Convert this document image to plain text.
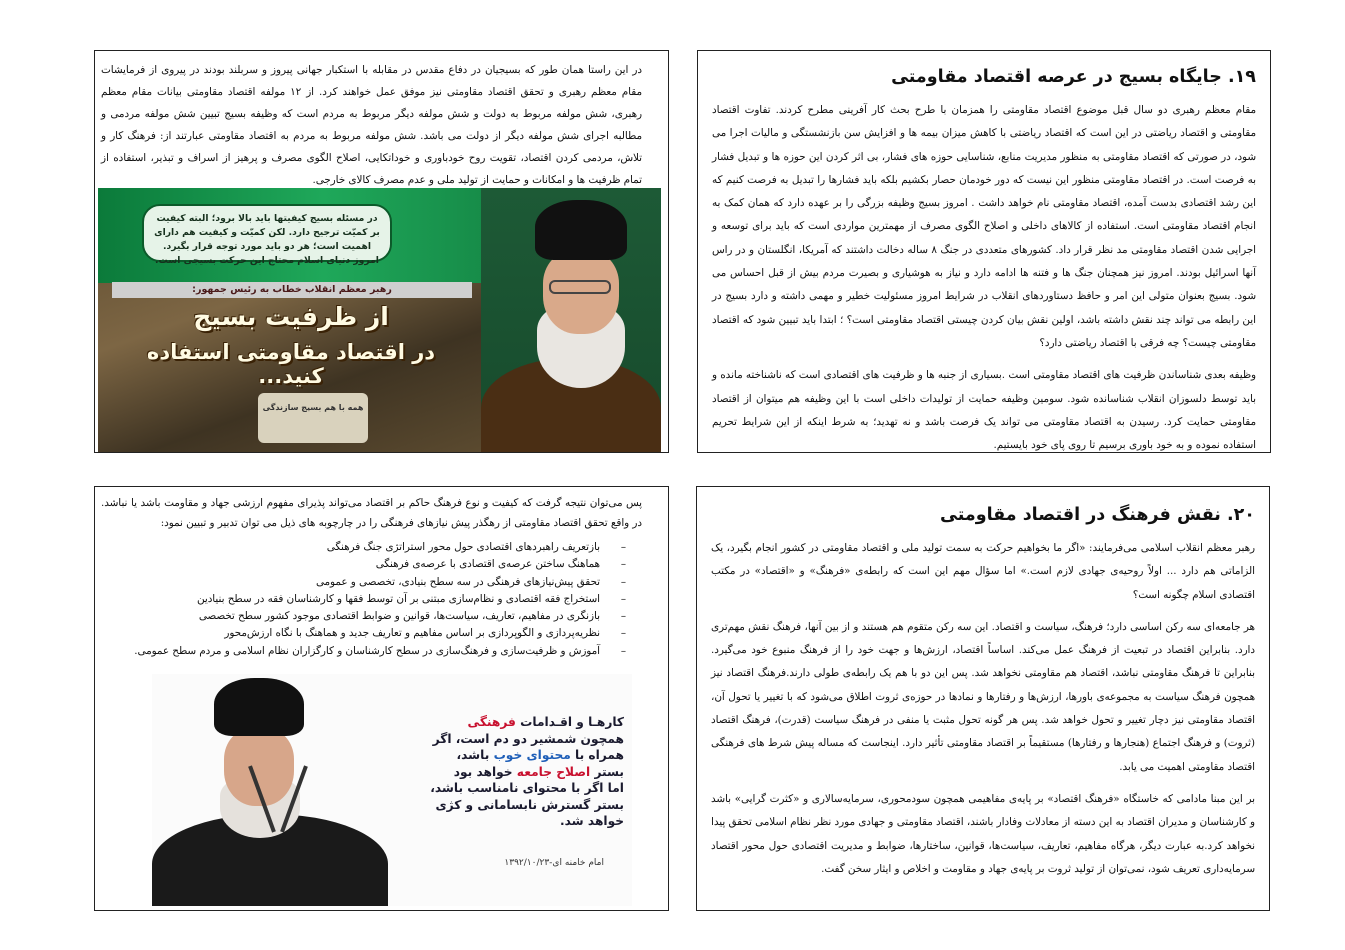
۱۹. جایگاه بسیج در عرصه اقتصاد مقاومتی

مقام معظم رهبری دو سال قبل موضوع اقتصاد مقاومتی را همزمان با طرح بحث کار آفرینی مطرح کردند. تفاوت اقتصاد مقاومتی و اقتصاد ریاضتی در این است که اقتصاد ریاضتی با کاهش میزان بیمه ها و افزایش سن بازنشستگی و مالیات اجرا می شود، در صورتی که اقتصاد مقاومتی به منظور مدیریت منابع، شناسایی حوزه های فشار، بی اثر کردن این حوزه ها و تبدیل فشار به فرصت است. در اقتصاد مقاومتی منظور این نیست که دور خودمان حصار بکشیم بلکه باید فشارها را تبدیل به فرصت کنیم که این رشد اقتصادی بدست آمده، اقتصاد مقاومتی نام خواهد داشت . امروز بسیج وظیفه بزرگی را بر عهده دارد که همان کمک به انجام اقتصاد مقاومتی است. استفاده از کالاهای داخلی و اصلاح الگوی مصرف از مهمترین مواردی است که باید برای توسعه و اجرایی شدن اقتصاد مقاومتی مد نظر قرار داد. کشورهای متعددی در جنگ ۸ ساله دخالت داشتند که آمریکا، انگلستان و در راس آنها اسرائیل بودند. امروز نیز همچنان جنگ ها و فتنه ها ادامه دارد و نیاز به هوشیاری و بصیرت مردم بیش از قبل احساس می شود. بسیج بعنوان متولی این امر و حافظ دستاوردهای انقلاب در شرایط امروز مسئولیت خطیر و مهمی داشته و دارد بسیج در این رابطه می تواند چند نقش داشته باشد، اولین نقش بیان کردن چیستی اقتصاد مقاومتی است؟ ؛ ابتدا باید تبیین شود که اقتصاد مقاومتی چیست؟ چه فرقی با اقتصاد ریاضتی دارد؟

وظیفه بعدی شناساندن ظرفیت های اقتصاد مقاومتی است .بسیاری از جنبه ها و ظرفیت های اقتصادی است که ناشناخته مانده و باید توسط دلسوزان انقلاب شناسانده شود. سومین وظیفه حمایت از تولیدات داخلی است با این وظیفه هم میتوان از اقتصاد مقاومتی حمایت کرد. رسیدن به اقتصاد مقاومتی می تواند یک فرصت باشد و نه تهدید؛ به شرط اینکه از این شرایط تحریم استفاده نموده و به خود باوری برسیم تا روی پای خود بایستیم.

در این راستا همان طور که بسیجیان در دفاع مقدس در مقابله با استکبار جهانی پیروز و سربلند بودند در پیروی از فرمایشات مقام معظم رهبری و تحقق اقتصاد مقاومتی نیز موفق عمل خواهند کرد. از ۱۲ مولفه اقتصاد مقاومتی بیانات مقام معظم رهبری، شش مولفه مربوط به دولت و شش مولفه دیگر مربوط به مردم است که وظیفه بسیج تبیین شش مولفه مردمی و مطالبه اجرای شش مولفه دیگر از دولت می باشد. شش مولفه مربوط به مردم به اقتصاد مقاومتی عبارتند از: فرهنگ کار و تلاش، مردمی کردن اقتصاد، تقویت روح خودباوری و خوداتکایی، اصلاح الگوی مصرف و پرهیز از اسراف و تبذیر، استفاده از تمام ظرفیت ها و امکانات و حمایت از تولید ملی و عدم مصرف کالای خارجی.

در مسئله بسیج کیفیتها باید بالا برود؛ البته کیفیت بر کمیّت ترجیح دارد. لکن کمیّت و کیفیت هم دارای اهمیت است؛ هر دو باید مورد توجه قرار بگیرد. امروز دنیای اسلام محتاج این حرکت بسیجی است.
رهبر معظم انقلاب خطاب به رئیس جمهور:
از ظرفیت بسیج
در اقتصاد مقاومتی استفاده کنید...
همه با هم بسیج سازندگی
۲۰. نقش فرهنگ در اقتصاد مقاومتی

رهبر معظم انقلاب اسلامی می‌فرمایند: «اگر ما بخواهیم حرکت به سمت تولید ملی و اقتصاد مقاومتی در کشور انجام بگیرد، یک الزاماتی هم دارد ... اولاً روحیه‌ی جهادی لازم است.» اما سؤال مهم این است که رابطه‌ی «فرهنگ» و «اقتصاد» در مکتب اقتصادی اسلام چگونه است؟

هر جامعه‌ای سه رکن اساسی دارد؛ فرهنگ، سیاست و اقتصاد. این سه رکن متقوم هم هستند و از بین آنها، فرهنگ نقش مهم‌تری دارد. بنابراین اقتصاد در تبعیت از فرهنگ عمل می‌کند. اساساً اقتصاد، ارزش‌ها و جهت خود را از فرهنگ منبوع خود می‌گیرد. بنابراین تا فرهنگ مقاومتی نباشد، اقتصاد هم مقاومتی نخواهد شد. پس این دو با هم یک رابطه‌ی طولی دارند.فرهنگ اقتصاد نیز همچون فرهنگ سیاست به مجموعه‌ی باورها، ارزش‌ها و رفتارها و نمادها در حوزه‌ی ثروت اطلاق می‌شود که با تغییر یا تحول آن، اقتصاد مقاومتی نیز دچار تغییر و تحول خواهد شد. پس هر گونه تحول مثبت یا منفی در فرهنگ سیاست (قدرت)، فرهنگ اقتصاد (ثروت) و فرهنگ اجتماع (هنجارها و رفتارها) مستقیماً بر اقتصاد مقاومتی تأثیر دارد. اینجاست که مساله پیش شرط های فرهنگی اقتصاد مقاومتی اهمیت می یابد.

بر این مبنا مادامی که خاستگاه «فرهنگ اقتصاد» بر پایه‌ی مفاهیمی همچون سودمحوری، سرمایه‌سالاری و «کثرت گرایی» باشد و کارشناسان و مدیران اقتصاد به این دسته از معادلات وفادار باشند، اقتصاد مقاومتی و جهادی مورد نظر نظام اسلامی تحقق پیدا نخواهد کرد.به عبارت دیگر، هرگاه مفاهیم، تعاریف، سیاست‌ها، قوانین، ساختارها، ضوابط و مدیریت اقتصادی حول محور اقتصاد سرمایه‌داری تعریف شود، نمی‌توان از تولید ثروت بر پایه‌ی جهاد و مقاومت و اخلاص و ایثار سخن گفت.

پس می‌توان نتیجه گرفت که کیفیت و نوع فرهنگ حاکم بر اقتصاد می‌تواند پذیرای مفهوم ارزشی جهاد و مقاومت باشد یا نباشد. در واقع تحقق اقتصاد مقاومتی از رهگذر پیش نیازهای فرهنگی را در چارچوبه های ذیل می توان تدبیر و تبیین نمود:

– بازتعریف راهبردهای اقتصادی حول محور استراتژی جنگ فرهنگی
– هماهنگ ساختن عرصه‌ی اقتصادی با عرصه‌ی فرهنگی
– تحقق پیش‌نیازهای فرهنگی در سه سطح بنیادی، تخصصی و عمومی
– استخراج فقه اقتصادی و نظام‌سازی مبتنی بر آن توسط فقها و کارشناسان فقه در سطح بنیادین
– بازنگری در مفاهیم، تعاریف، سیاست‌ها، قوانین و ضوابط اقتصادی موجود کشور سطح تخصصی
– نظریه‌پردازی و الگوپردازی بر اساس مفاهیم و تعاریف جدید و هماهنگ با نگاه ارزش‌محور
– آموزش و ظرفیت‌سازی و فرهنگ‌سازی در سطح کارشناسان و کارگزاران نظام اسلامی و مردم سطح عمومی.
کارهـا و اقـدامات فرهنگی
همچون شمشیر دو دم است، اگر
همراه با محتوای خوب باشد،
بستر اصلاح جامعه خواهد بود
اما اگر با محتوای نامناسب باشد،
بستر گسترش نابسامانی و کژی
خواهد شد.
امام خامنه ای-۱۳۹۲/۱۰/۲۳
